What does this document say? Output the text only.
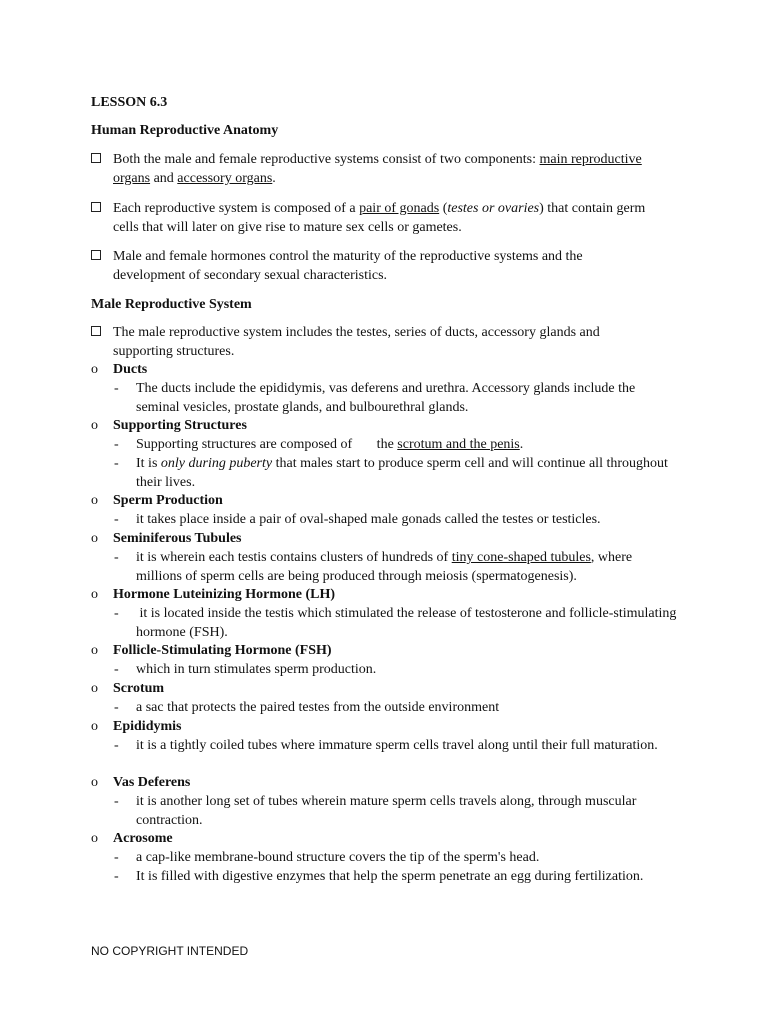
LESSON 6.3
Human Reproductive Anatomy
Both the male and female reproductive systems consist of two components: main reproductive organs and accessory organs.
Each reproductive system is composed of a pair of gonads (testes or ovaries) that contain germ cells that will later on give rise to mature sex cells or gametes.
Male and female hormones control the maturity of the reproductive systems and the development of secondary sexual characteristics.
Male Reproductive System
The male reproductive system includes the testes, series of ducts, accessory glands and supporting structures.
o Ducts
- The ducts include the epididymis, vas deferens and urethra. Accessory glands include the seminal vesicles, prostate glands, and bulbourethral glands.
o Supporting Structures
- Supporting structures are composed of       the scrotum and the penis.
- It is only during puberty that males start to produce sperm cell and will continue all throughout their lives.
o Sperm Production
- it takes place inside a pair of oval-shaped male gonads called the testes or testicles.
o Seminiferous Tubules
- it is wherein each testis contains clusters of hundreds of tiny cone-shaped tubules, where millions of sperm cells are being produced through meiosis (spermatogenesis).
o Hormone Luteinizing Hormone (LH)
- it is located inside the testis which stimulated the release of testosterone and follicle-stimulating hormone (FSH).
o Follicle-Stimulating Hormone (FSH)
- which in turn stimulates sperm production.
o Scrotum
- a sac that protects the paired testes from the outside environment
o Epididymis
- it is a tightly coiled tubes where immature sperm cells travel along until their full maturation.
o Vas Deferens
- it is another long set of tubes wherein mature sperm cells travels along, through muscular contraction.
o Acrosome
- a cap-like membrane-bound structure covers the tip of the sperm's head.
- It is filled with digestive enzymes that help the sperm penetrate an egg during fertilization.
NO COPYRIGHT INTENDED
